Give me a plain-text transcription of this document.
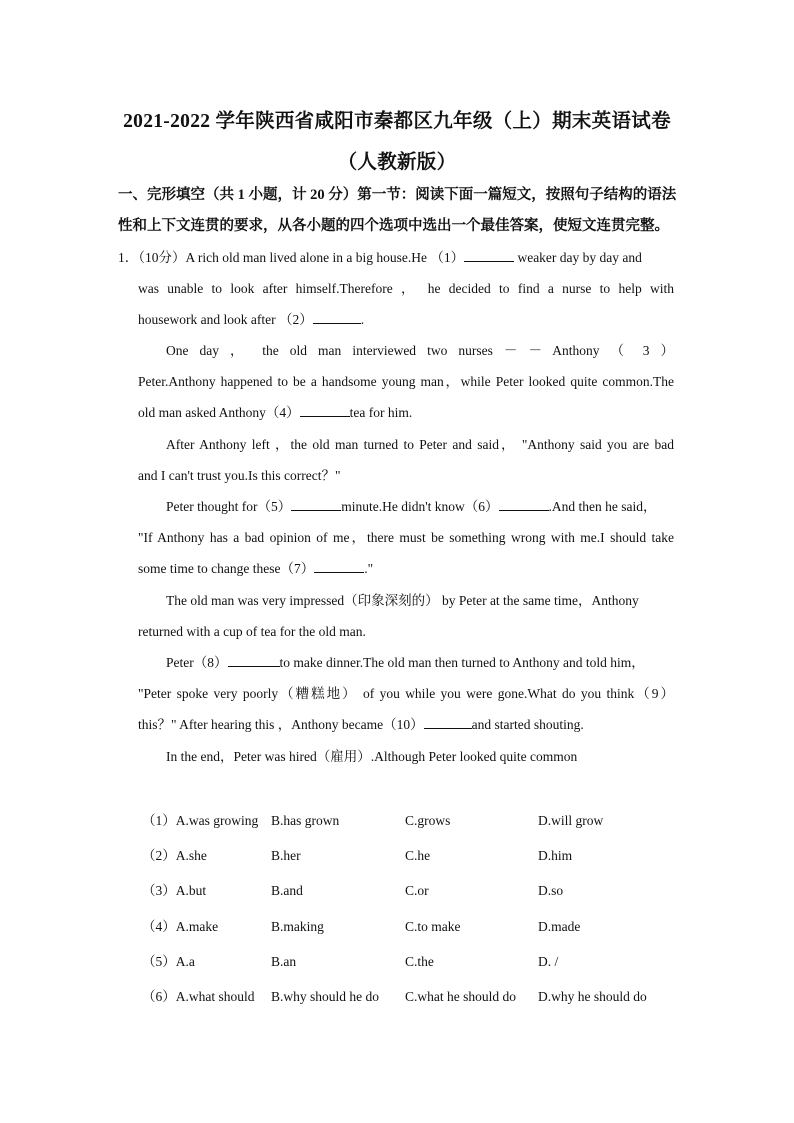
2021-2022 学年陕西省咸阳市秦都区九年级（上）期末英语试卷
（人教新版）
一、完形填空（共 1 小题，计 20 分）第一节：阅读下面一篇短文，按照句子结构的语法性和上下文连贯的要求，从各小题的四个选项中选出一个最佳答案，使短文连贯完整。
1．（10分）A rich old man lived alone in a big house.He （1）	weaker day by day and
was unable to look after himself.Therefore ， he decided to find a nurse to help with
housework and look after （2）	.
One day ， the old man interviewed two nurses － － Anthony （ 3 ）
Peter.Anthony happened to be a handsome young man，while Peter looked quite common.The
old man asked Anthony（4）	tea for him.
After Anthony left ，the old man turned to Peter and said， "Anthony said you are bad
and I can't trust you.Is this correct？"
Peter thought for（5）	minute.He didn't know（6）	.And then he said，
"If Anthony has a bad opinion of me，there must be something wrong with me.I should take
some time to change these（7）	."
The old man was very impressed（印象深刻的） by Peter at the same time，Anthony
returned with a cup of tea for the old man.
Peter（8）	to make dinner.The old man then turned to Anthony and told him，
"Peter spoke very poorly（糟糕地） of you while you were gone.What do you think（9）
this？" After hearing this ，Anthony became（10）	and started shouting.
In the end，Peter was hired（雇用）.Although Peter looked quite common
（1）A.was growing B.has grown	C.grows	D.will grow
（2）A.she	B.her	C.he	D.him
（3）A.but	B.and	C.or	D.so
（4）A.make	B.making	C.to make	D.made
（5）A.a	B.an	C.the	D. /
（6）A.what should B.why should he do C.what he should do D.why he should do
